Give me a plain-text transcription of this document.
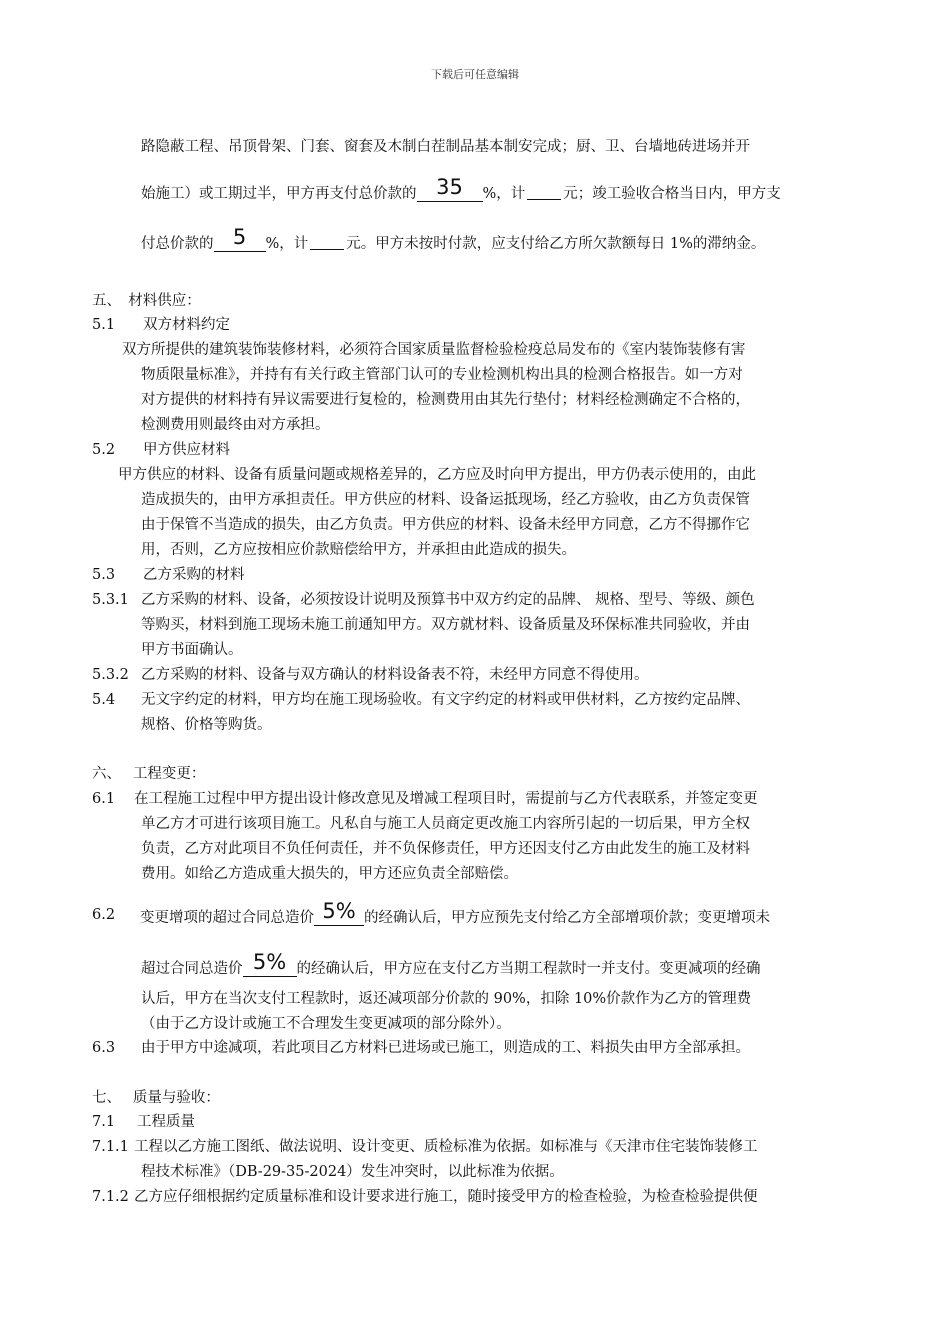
下载后可任意编辑
路隐蔽工程、吊顶骨架、门套、窗套及木制白茬制品基本制安完成；厨、卫、台墙地砖进场并开
始施工）或工期过半，甲方再支付总价款的 35 %，计	元；竣工验收合格当日内，甲方支
付总价款的 5 %，计	元。甲方未按时付款，应支付给乙方所欠款额每日 1%的滞纳金。
五、　材料供应：
5.1 双方材料约定
双方所提供的建筑装饰装修材料，必须符合国家质量监督检验检疫总局发布的《室内装饰装修有害
物质限量标准》，并持有有关行政主管部门认可的专业检测机构出具的检测合格报告。如一方对
对方提供的材料持有异议需要进行复检的，检测费用由其先行垫付；材料经检测确定不合格的，
检测费用则最终由对方承担。
5.2 甲方供应材料
甲方供应的材料、设备有质量问题或规格差异的，乙方应及时向甲方提出，甲方仍表示使用的，由此
造成损失的，由甲方承担责任。甲方供应的材料、设备运抵现场，经乙方验收，由乙方负责保管
由于保管不当造成的损失，由乙方负责。甲方供应的材料、设备未经甲方同意，乙方不得挪作它
用，否则，乙方应按相应价款赔偿给甲方，并承担由此造成的损失。
5.3 乙方采购的材料
5.3.1 乙方采购的材料、设备，必须按设计说明及预算书中双方约定的品牌、 规格、型号、等级、颜色
等购买，材料到施工现场未施工前通知甲方。双方就材料、设备质量及环保标准共同验收，并由
甲方书面确认。
5.3.2 乙方采购的材料、设备与双方确认的材料设备表不符，未经甲方同意不得使用。
5.4 无文字约定的材料，甲方均在施工现场验收。有文字约定的材料或甲供材料，乙方按约定品牌、
规格、价格等购货。
六、　 工程变更：
6.1 在工程施工过程中甲方提出设计修改意见及增减工程项目时，需提前与乙方代表联系，并签定变更
单乙方才可进行该项目施工。凡私自与施工人员商定更改施工内容所引起的一切后果，甲方全权
负责，乙方对此项目不负任何责任，并不负保修责任，甲方还因支付乙方由此发生的施工及材料
费用。如给乙方造成重大损失的，甲方还应负责全部赔偿。
6.2 变更增项的超过合同总造价 5% 的经确认后，甲方应预先支付给乙方全部增项价款；变更增项未
超过合同总造价 5% 的经确认后，甲方应在支付乙方当期工程款时一并支付。变更减项的经确
认后，甲方在当次支付工程款时，返还减项部分价款的 90%，扣除 10%价款作为乙方的管理费
（由于乙方设计或施工不合理发生变更减项的部分除外）。
6.3 由于甲方中途减项，若此项目乙方材料已进场或已施工，则造成的工、料损失由甲方全部承担。
七、　 质量与验收：
7.1 工程质量
7.1.1 工程以乙方施工图纸、做法说明、设计变更、质检标准为依据。如标准与《天津市住宅装饰装修工
程技术标准》（DB-29-35-2024）发生冲突时，以此标准为依据。
7.1.2 乙方应仔细根据约定质量标准和设计要求进行施工，随时接受甲方的检查检验，为检查检验提供便
